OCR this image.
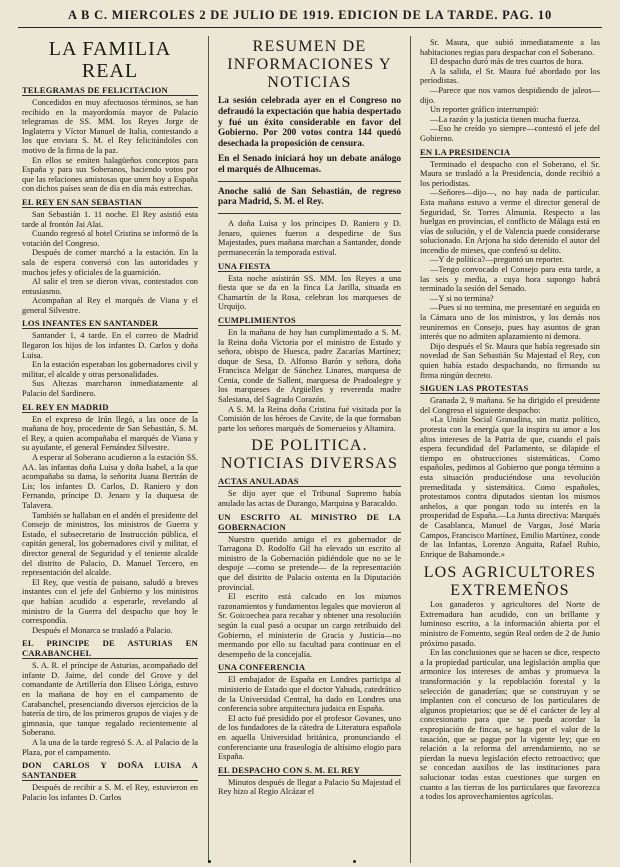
A B C. MIERCOLES 2 DE JULIO DE 1919. EDICION DE LA TARDE. PAG. 10
LA FAMILIA REAL
TELEGRAMAS DE FELICITACION

Concedidos en muy afectuosos términos, se han recibido en la mayordomía mayor de Palacio telegramas de SS. MM. los Reyes Jorge de Inglaterra y Víctor Manuel de Italia, contestando a los que enviara S. M. el Rey felicitándoles con motivo de la firma de la paz.

En ellos se emiten halagüeños conceptos para España y para sus Soberanos, haciendo votos por que las relaciones amistosas que unen hoy a España con dichos países sean de día en día más estrechas.

EL REY EN SAN SEBASTIAN

San Sebastián 1. 11 noche. El Rey asistió esta tarde al frontón Jai Alai.

Cuando regresó al hotel Cristina se informó de la votación del Congreso.

Después de comer marchó a la estación. En la sala de espera conversó con las autoridades y muchos jefes y oficiales de la guarnición.

Al salir el tren se dieron vivas, contestados con entusiasmo.

Acompañan al Rey el marqués de Viana y el general Silvestre.

LOS INFANTES EN SANTANDER

Santander 1, 4 tarde. En el correo de Madrid llegaron los hijos de los infantes D. Carlos y doña Luisa.

En la estación esperaban los gobernadores civil y militar, el alcalde y otras personalidades.

Sus Altezas marcharon inmediatamente al Palacio del Sardinero.

EL REY EN MADRID

En el expreso de Irún llegó, a las once de la mañana de hoy, procedente de San Sebastián, S. M. el Rey, a quien acompañaba el marqués de Viana y su ayudante, el general Fernández Silvestre.

A esperar al Soberano acudieron a la estación SS. AA. las infantas doña Luisa y doña Isabel, a la que acompañaba su dama, la señorita Juana Bertrán de Lis; los infantes D. Carlos, D. Raniero y don Fernando, príncipe D. Jenaro y la duquesa de Talavera.

También se hallaban en el andén el presidente del Consejo de ministros, los ministros de Guerra y Estado, el subsecretario de Instrucción pública, el capitán general, los gobernadores civil y militar, el director general de Seguridad y el teniente alcalde del distrito de Palacio, D. Manuel Tercero, en representación del alcalde.

El Rey, que vestía de paisano, saludó a breves instantes con el jefe del Gobierno y los ministros que habían acudido a esperarle, revelando al ministro de la Guerra del despacho que hoy le correspondía.

Después el Monarca se trasladó a Palacio.

EL PRINCIPE DE ASTURIAS EN CARABANCHEL

S. A. R. el príncipe de Asturias, acompañado del infante D. Jaime, del conde del Grove y del comandante de Artillería don Eliseo Lóriga, estuvo en la mañana de hoy en el campamento de Carabanchel, presenciando diversos ejercicios de la batería de tiro, de los primeros grupos de viajes y de gimnasia, que tanque regalado recientemente al Soberano.

A la una de la tarde regresó S. A. al Palacio de la Plaza, por el campamento.

DON CARLOS Y DOÑA LUISA A SANTANDER

Después de recibir a S. M. el Rey, estuvieron en Palacio los infantes D. Carlos

RESUMEN DE INFORMACIONES Y NOTICIAS
La sesión celebrada ayer en el Congreso no defraudó la expectación que había despertado y fué un éxito considerable en favor del Gobierno. Por 200 votos contra 144 quedó desechada la proposición de censura.
En el Senado iniciará hoy un debate análogo el marqués de Alhucemas.
Anoche salió de San Sebastián, de regreso para Madrid, S. M. el Rey.

A doña Luisa y los príncipes D. Raniero y D. Jenaro, quienes fueron a despedirse de Sus Majestades, pues mañana marchan a Santander, donde permanecerán la temporada estival.

UNA FIESTA

Esta noche asistirán SS. MM. los Reyes a una fiesta que se da en la finca La Jarilla, situada en Chamartín de la Rosa, celebran los marqueses de Urquijo.

CUMPLIMIENTOS

En la mañana de hoy han cumplimentado a S. M. la Reina doña Victoria por el ministro de Estado y señora, obispo de Huesca, padre Zacarías Martínez; duque de Sesa, D. Alfonso Barón y señora, doña Francisca Melgar de Sánchez Linares, marquesa de Cenia, conde de Sallent, marquesa de Pradoalegre y los marqueses de Argüelles y reverenda madre Salesiana, del Sagrado Corazón.

A S. M. la Reina doña Cristina fué visitada por la Comisión de los héroes de Cavite, de la que formaban parte los señores marqués de Somerueios y Altamira.

DE POLITICA. NOTICIAS DIVERSAS
ACTAS ANULADAS

Se dijo ayer que el Tribunal Supremo había anulado las actas de Durango, Marquina y Baracaldo.

UN ESCRITO AL MINISTRO DE LA GOBERNACION

Nuestro querido amigo el ex gobernador de Tarragona D. Rodolfo Gil ha elevado un escrito al ministro de la Gobernación pidiéndole que no se le despoje —como se pretende— de la representación que del distrito de Palacio ostenta en la Diputación provincial.

El escrito está calcado en los mismos razonamientos y fundamentos legales que movieron al Sr. Goicoechea para recabar y obtener una resolución según la cual pasó a ocupar un cargo retribuido del Gobierno, el ministerio de Gracia y Justicia—no mermando por ello su facultad para continuar en el desempeño de la concejalía.

UNA CONFERENCIA

El embajador de España en Londres participa al ministerio de Estado que el doctor Yahuda, catedrático de la Universidad Central, ha dado en Londres una conferencia sobre arquitectura judaica en España.

El acto fué presidido por el profesor Govanes, uno de los fundadores de la cátedra de Literatura española en aquella Universidad británica, pronunciando el conferenciante una fraseología de altísimo elogio para España.

EL DESPACHO CON S. M. EL REY

Minutos después de llegar a Palacio Su Majestad el Rey hizo al Regio Alcázar el

Sr. Maura, que subió inmediatamente a las habitaciones regias para despachar con el Soberano.

El despacho duró más de tres cuartos de hora.

A la salida, el Sr. Maura fué abordado por los periodistas.

—Parece que nos vamos despidiendo de jaleos—dijo.

Un reporter gráfico interrumpió:

—La razón y la justicia tienen mucha fuerza.

—Eso he creído yo siempre—contestó el jefe del Gobierno.

EN LA PRESIDENCIA

Terminado el despacho con el Soberano, el Sr. Maura se trasladó a la Presidencia, donde recibió a los periodistas.

—Señores—dijo—, no hay nada de particular. Esta mañana estuvo a verme el director general de Seguridad, Sr. Torres Almunia. Respecto a las huelgas en provincias, el conflicto de Málaga está en vías de solución, y el de Valencia puede considerarse solucionado. En Arjona ha sido detenido el autor del incendio de mieses, que confesó su delito.

—Y de política?—preguntó un reporter.

—Tengo convocado el Consejo para esta tarde, a las seis y media, a cuya hora supongo habrá terminado la sesión del Senado.

—Y si no termina?

—Pues si no termina, me presentaré en seguida en la Cámara uno de los ministros, y los demás nos reuniremos en Consejo, pues hay asuntos de gran interés que no admiten aplazamiento ni demora.

Dijo después el Sr. Maura que había regresado sin novedad de San Sebastián Su Majestad el Rey, con quien había estado despachando, no firmando su firma ningún decreto.

SIGUEN LAS PROTESTAS

Granada 2, 9 mañana. Se ha dirigido el presidente del Congreso el siguiente despacho:

«La Unión Social Granadina, sin matiz político, protesta con la energía que la inspira su amor a los altos intereses de la Patria de que, cuando el país espera fecundidad del Parlamento, se dilapide el tiempo en obstrucciones sistemáticas. Como españoles, pedimos al Gobierno que ponga término a esta situación produciéndose una revolución premeditada y sistemática. Como españoles, protestamos contra diputados sientan los mismos anhelos, a que pongan todo su interés en la prosperidad de España.—La Junta directiva: Marqués de Casablanca, Manuel de Vargas, José María Campos, Francisco Martínez, Emilio Martínez, conde de las Infantas, Lorenzo Anguita, Rafael Rubio, Enrique de Bahamonde.»

LOS AGRICULTORES EXTREMEÑOS

Los ganaderos y agricultores del Norte de Extremadura han acudido, con un brillante y luminoso escrito, a la información abierta por el ministro de Fomento, según Real orden de 2 de Junio próximo pasado.

En las conclusiones que se hacen se dice, respecto a la propiedad particular, una legislación amplia que armonice los intereses de ambas y promueva la transformación y la repoblación forestal y la selección de ganaderías; que se construyan y se implanten con el concurso de los particulares de algunos propietarios; que se dé el carácter de ley al concesionario para que se pueda acordar la expropiación de fincas, se haga por el valor de la tasación, que se pague por la vigente ley; que en relación a la reforma del arrendamiento, no se pierdan la nueva legislación efecto retroactivo; que se concedan auxilios de las instituciones para solucionar todas estas cuestiones que surgen en cuanto a las tierras de los particulares que favorezca a todos los aprovechamientos agrícolas.
